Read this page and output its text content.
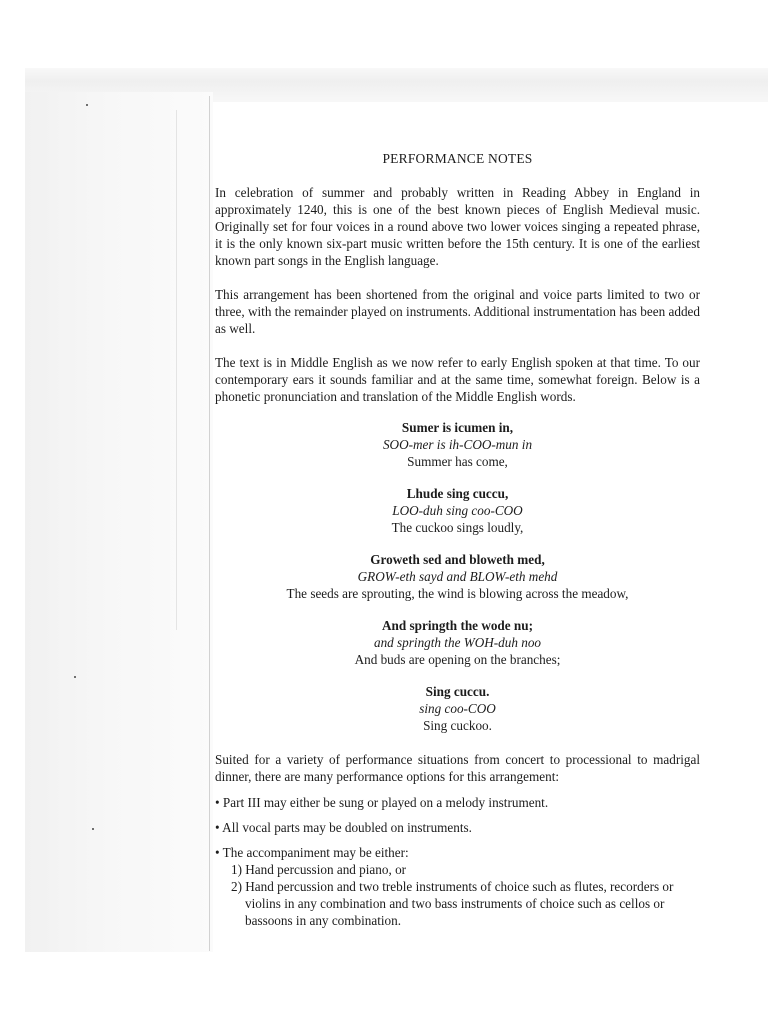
PERFORMANCE NOTES

In celebration of summer and probably written in Reading Abbey in England in approximately 1240, this is one of the best known pieces of English Medieval music. Originally set for four voices in a round above two lower voices singing a repeated phrase, it is the only known six-part music written before the 15th century. It is one of the earliest known part songs in the English language.

This arrangement has been shortened from the original and voice parts limited to two or three, with the remainder played on instruments. Additional instrumentation has been added as well.

The text is in Middle English as we now refer to early English spoken at that time. To our contemporary ears it sounds familiar and at the same time, somewhat foreign. Below is a phonetic pronunciation and translation of the Middle English words.

Sumer is icumen in,
SOO-mer is ih-COO-mun in
Summer has come,
Lhude sing cuccu,
LOO-duh sing coo-COO
The cuckoo sings loudly,
Groweth sed and bloweth med,
GROW-eth sayd and BLOW-eth mehd
The seeds are sprouting, the wind is blowing across the meadow,
And springth the wode nu;
and springth the WOH-duh noo
And buds are opening on the branches;
Sing cuccu.
sing coo-COO
Sing cuckoo.

Suited for a variety of performance situations from concert to processional to madrigal dinner, there are many performance options for this arrangement:

• Part III may either be sung or played on a melody instrument.
• All vocal parts may be doubled on instruments.
• The accompaniment may be either:
1) Hand percussion and piano, or
2) Hand percussion and two treble instruments of choice such as flutes, recorders or violins in any combination and two bass instruments of choice such as cellos or bassoons in any combination.
